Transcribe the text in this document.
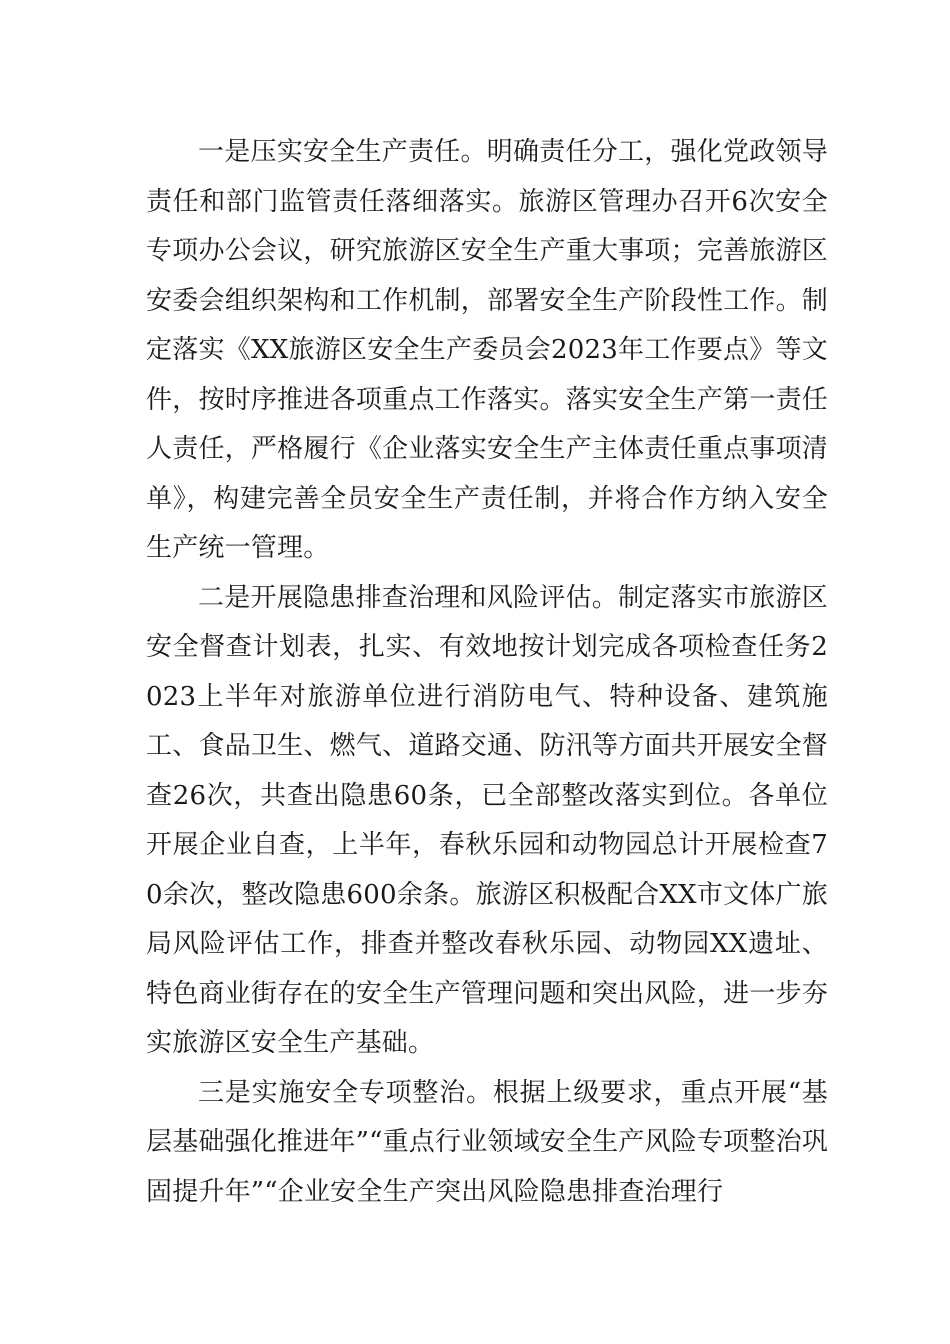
一是压实安全生产责任。明确责任分工，强化党政领导责任和部门监管责任落细落实。旅游区管理办召开6次安全专项办公会议，研究旅游区安全生产重大事项；完善旅游区安委会组织架构和工作机制，部署安全生产阶段性工作。制定落实《XX旅游区安全生产委员会2023年工作要点》等文件，按时序推进各项重点工作落实。落实安全生产第一责任人责任，严格履行《企业落实安全生产主体责任重点事项清单》，构建完善全员安全生产责任制，并将合作方纳入安全生产统一管理。

二是开展隐患排查治理和风险评估。制定落实市旅游区安全督查计划表，扎实、有效地按计划完成各项检查任务2023上半年对旅游单位进行消防电气、特种设备、建筑施工、食品卫生、燃气、道路交通、防汛等方面共开展安全督查26次，共查出隐患60条，已全部整改落实到位。各单位开展企业自查，上半年，春秋乐园和动物园总计开展检查70余次，整改隐患600余条。旅游区积极配合XX市文体广旅局风险评估工作，排查并整改春秋乐园、动物园XX遗址、特色商业街存在的安全生产管理问题和突出风险，进一步夯实旅游区安全生产基础。

三是实施安全专项整治。根据上级要求，重点开展“基层基础强化推进年”“重点行业领域安全生产风险专项整治巩固提升年”“企业安全生产突出风险隐患排查治理行
